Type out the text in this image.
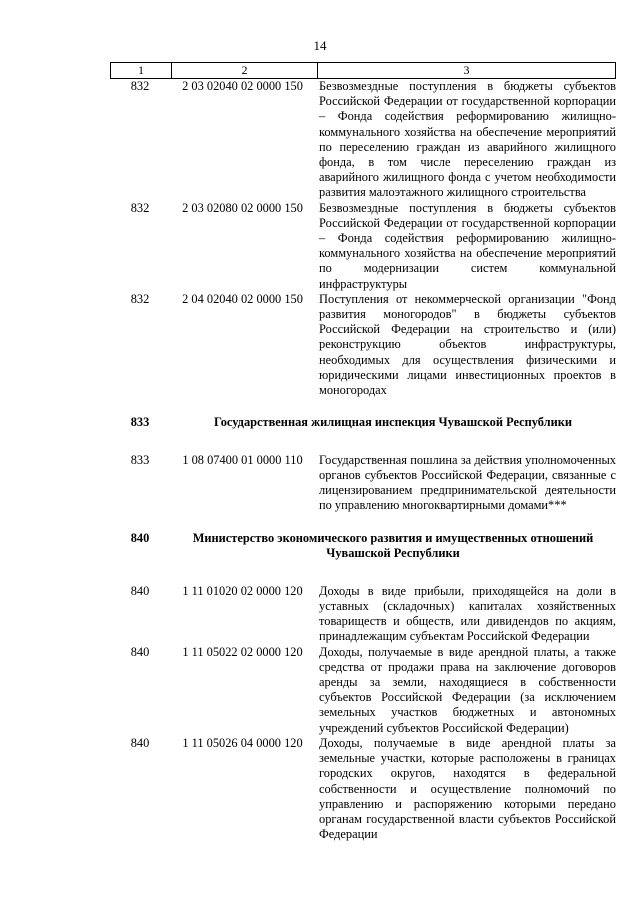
14
1	2	3
832	2 03 02040 02 0000 150	Безвозмездные поступления в бюджеты субъектов Российской Федерации от государственной корпорации – Фонда содействия реформированию жилищно-коммунального хозяйства на обеспечение мероприятий по переселению граждан из аварийного жилищного фонда, в том числе переселению граждан из аварийного жилищного фонда с учетом необходимости развития малоэтажного жилищного строительства
832	2 03 02080 02 0000 150	Безвозмездные поступления в бюджеты субъектов Российской Федерации от государственной корпорации – Фонда содействия реформированию жилищно-коммунального хозяйства на обеспечение мероприятий по модернизации систем коммунальной инфраструктуры
832	2 04 02040 02 0000 150	Поступления от некоммерческой организации "Фонд развития моногородов" в бюджеты субъектов Российской Федерации на строительство и (или) реконструкцию объектов инфраструктуры, необходимых для осуществления физическими и юридическими лицами инвестиционных проектов в моногородах
833	Государственная жилищная инспекция Чувашской Республики
833	1 08 07400 01 0000 110	Государственная пошлина за действия уполномоченных органов субъектов Российской Федерации, связанные с лицензированием предпринимательской деятельности по управлению многоквартирными домами***
840	Министерство экономического развития и имущественных отношений
Чувашской Республики
840	1 11 01020 02 0000 120	Доходы в виде прибыли, приходящейся на доли в уставных (складочных) капиталах хозяйственных товариществ и обществ, или дивидендов по акциям, принадлежащим субъектам Российской Федерации
840	1 11 05022 02 0000 120	Доходы, получаемые в виде арендной платы, а также средства от продажи права на заключение договоров аренды за земли, находящиеся в собственности субъектов Российской Федерации (за исключением земельных участков бюджетных и автономных учреждений субъектов Российской Федерации)
840	1 11 05026 04 0000 120	Доходы, получаемые в виде арендной платы за земельные участки, которые расположены в границах городских округов, находятся в федеральной собственности и осуществление полномочий по управлению и распоряжению которыми передано органам государственной власти субъектов Российской Федерации
